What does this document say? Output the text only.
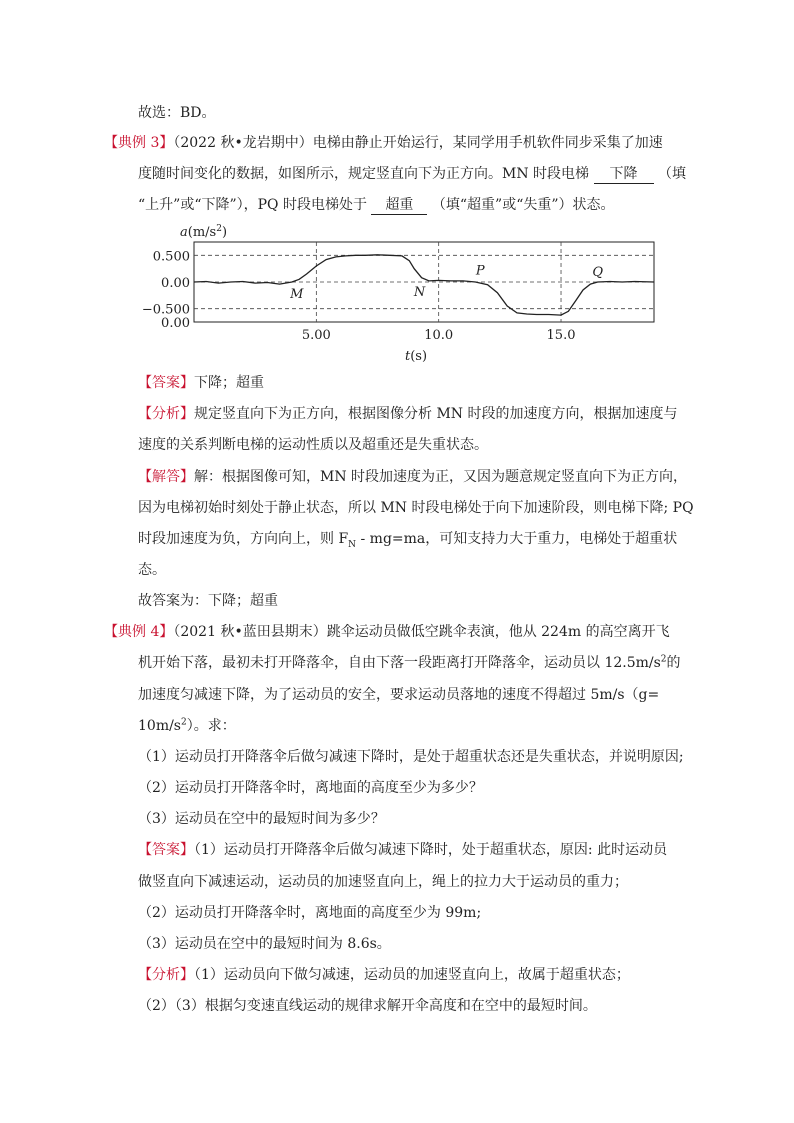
故选：BD。
【典例 3】（2022 秋•龙岩期中）电梯由静止开始运行，某同学用手机软件同步采集了加速
度随时间变化的数据，如图所示，规定竖直向下为正方向。MN 时段电梯 下降 （填
“上升”或“下降”），PQ 时段电梯处于 超重 （填“超重”或“失重”）状态。
0.500
0.00
−0.500
0.00
5.00	10.0	15.0
$a(m/s^2)$
t(s)
M	N
P	Q
【答案】下降；超重
【分析】规定竖直向下为正方向，根据图像分析 MN 时段的加速度方向，根据加速度与
速度的关系判断电梯的运动性质以及超重还是失重状态。
【解答】解：根据图像可知，MN 时段加速度为正，又因为题意规定竖直向下为正方向，
因为电梯初始时刻处于静止状态，所以 MN 时段电梯处于向下加速阶段，则电梯下降; PQ
时段加速度为负，方向向上，则 $F_N - mg=ma$，可知支持力大于重力，电梯处于超重状
态。
故答案为：下降；超重
【典例 4】（2021 秋•蓝田县期末）跳伞运动员做低空跳伞表演，他从 224m 的高空离开飞
机开始下落，最初未打开降落伞，自由下落一段距离打开降落伞，运动员以 $12.5m/s^2$的
加速度匀减速下降，为了运动员的安全，要求运动员落地的速度不得超过 5m/s（g=
$10m/s^2$）。求：
（1）运动员打开降落伞后做匀减速下降时，是处于超重状态还是失重状态，并说明原因;
（2）运动员打开降落伞时，离地面的高度至少为多少？
（3）运动员在空中的最短时间为多少？
【答案】（1）运动员打开降落伞后做匀减速下降时，处于超重状态，原因: 此时运动员
做竖直向下减速运动，运动员的加速竖直向上，绳上的拉力大于运动员的重力；
（2）运动员打开降落伞时，离地面的高度至少为 99m;
（3）运动员在空中的最短时间为 8.6s。
【分析】（1）运动员向下做匀减速，运动员的加速竖直向上，故属于超重状态；
（2）（3）根据匀变速直线运动的规律求解开伞高度和在空中的最短时间。
